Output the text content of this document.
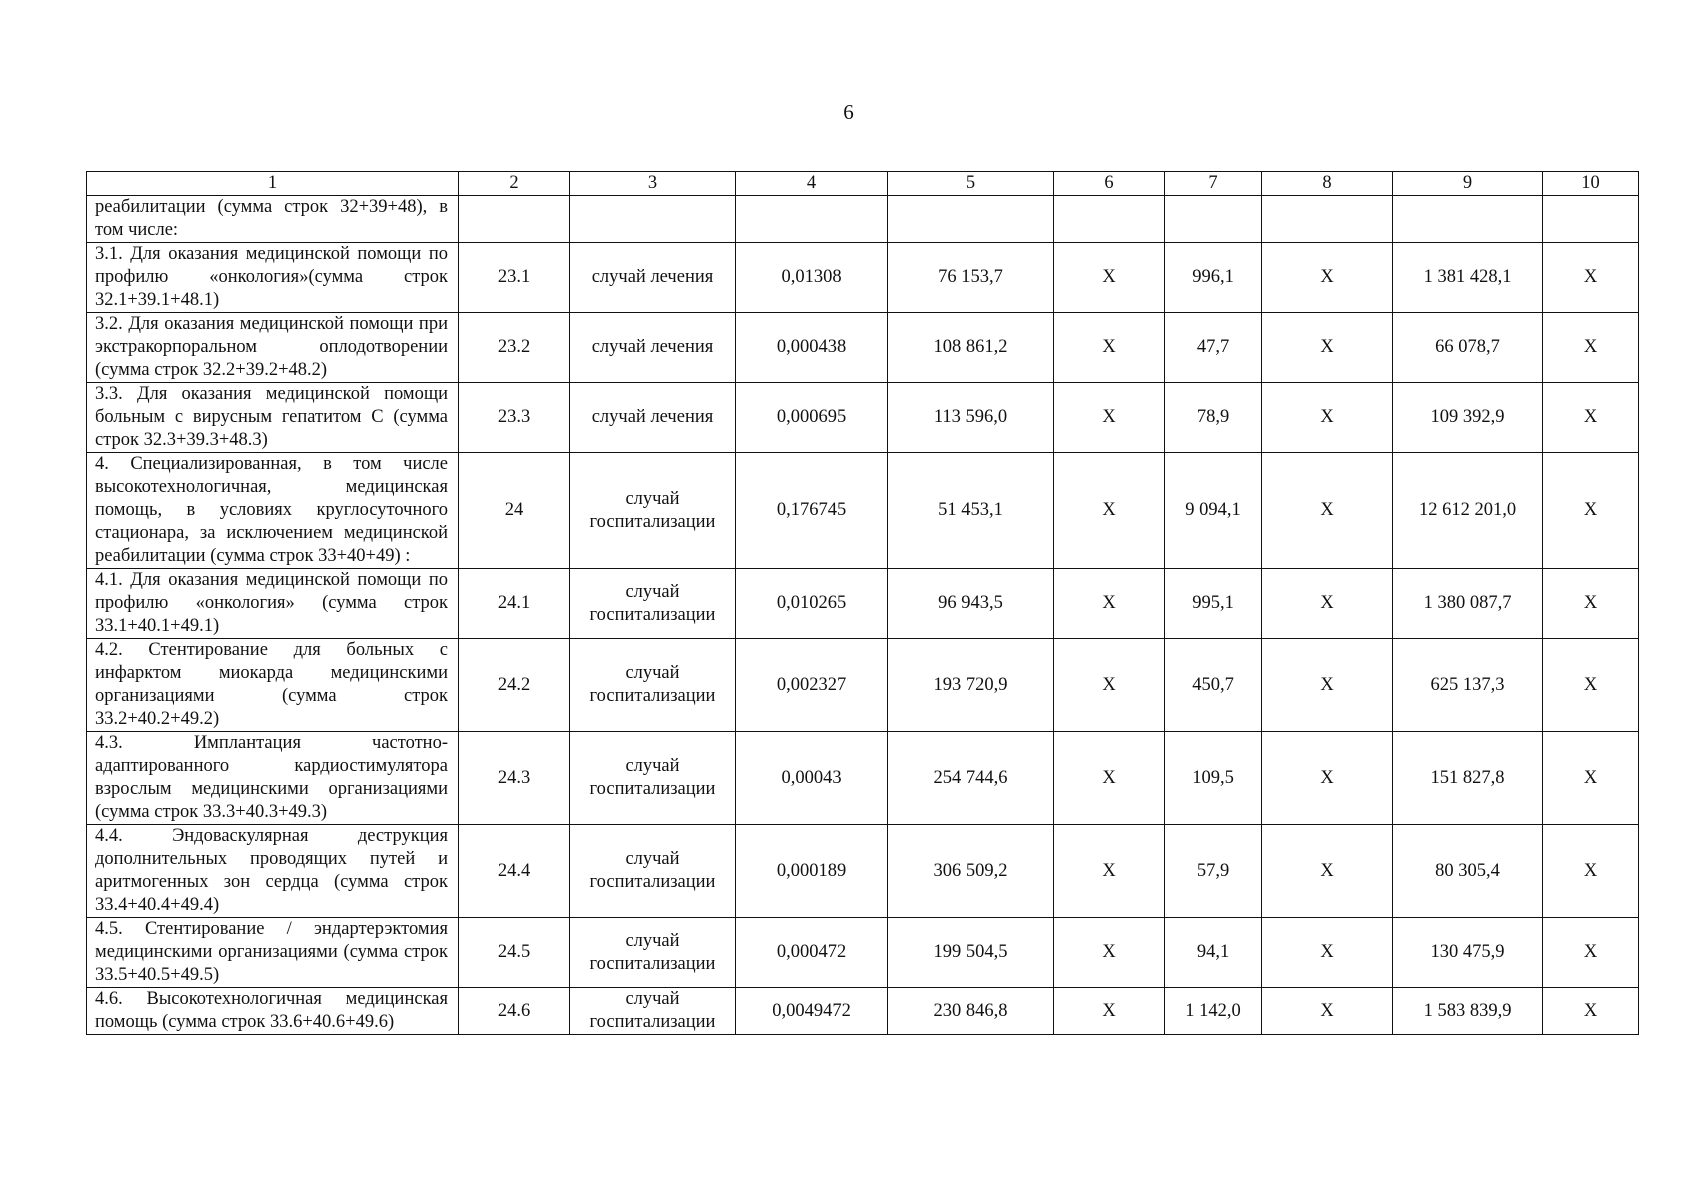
6
1	2	3	4	5	6	7	8	9	10
реабилитации (сумма строк 32+39+48), в том числе:									
3.1. Для оказания медицинской помощи по профилю «онкология»(сумма строк 32.1+39.1+48.1)	23.1	случай лечения	0,01308	76 153,7	X	996,1	X	1 381 428,1	X
3.2. Для оказания медицинской помощи при экстракорпоральном оплодотворении (сумма строк 32.2+39.2+48.2)	23.2	случай лечения	0,000438	108 861,2	X	47,7	X	66 078,7	X
3.3. Для оказания медицинской помощи больным с вирусным гепатитом С (сумма строк 32.3+39.3+48.3)	23.3	случай лечения	0,000695	113 596,0	X	78,9	X	109 392,9	X
4. Специализированная, в том числе высокотехнологичная, медицинская помощь, в условиях круглосуточного стационара, за исключением медицинской реабилитации (сумма строк 33+40+49) :	24	случай госпитализации	0,176745	51 453,1	X	9 094,1	X	12 612 201,0	X
4.1. Для оказания медицинской помощи по профилю «онкология» (сумма строк 33.1+40.1+49.1)	24.1	случай госпитализации	0,010265	96 943,5	X	995,1	X	1 380 087,7	X
4.2. Стентирование для больных с инфарктом миокарда медицинскими организациями (сумма строк 33.2+40.2+49.2)	24.2	случай госпитализации	0,002327	193 720,9	X	450,7	X	625 137,3	X
4.3. Имплантация частотно-адаптированного кардиостимулятора взрослым медицинскими организациями (сумма строк 33.3+40.3+49.3)	24.3	случай госпитализации	0,00043	254 744,6	X	109,5	X	151 827,8	X
4.4. Эндоваскулярная деструкция дополнительных проводящих путей и аритмогенных зон сердца (сумма строк 33.4+40.4+49.4)	24.4	случай госпитализации	0,000189	306 509,2	X	57,9	X	80 305,4	X
4.5. Стентирование / эндартерэктомия медицинскими организациями (сумма строк 33.5+40.5+49.5)	24.5	случай госпитализации	0,000472	199 504,5	X	94,1	X	130 475,9	X
4.6. Высокотехнологичная медицинская помощь (сумма строк 33.6+40.6+49.6)	24.6	случай госпитализации	0,0049472	230 846,8	X	1 142,0	X	1 583 839,9	X
